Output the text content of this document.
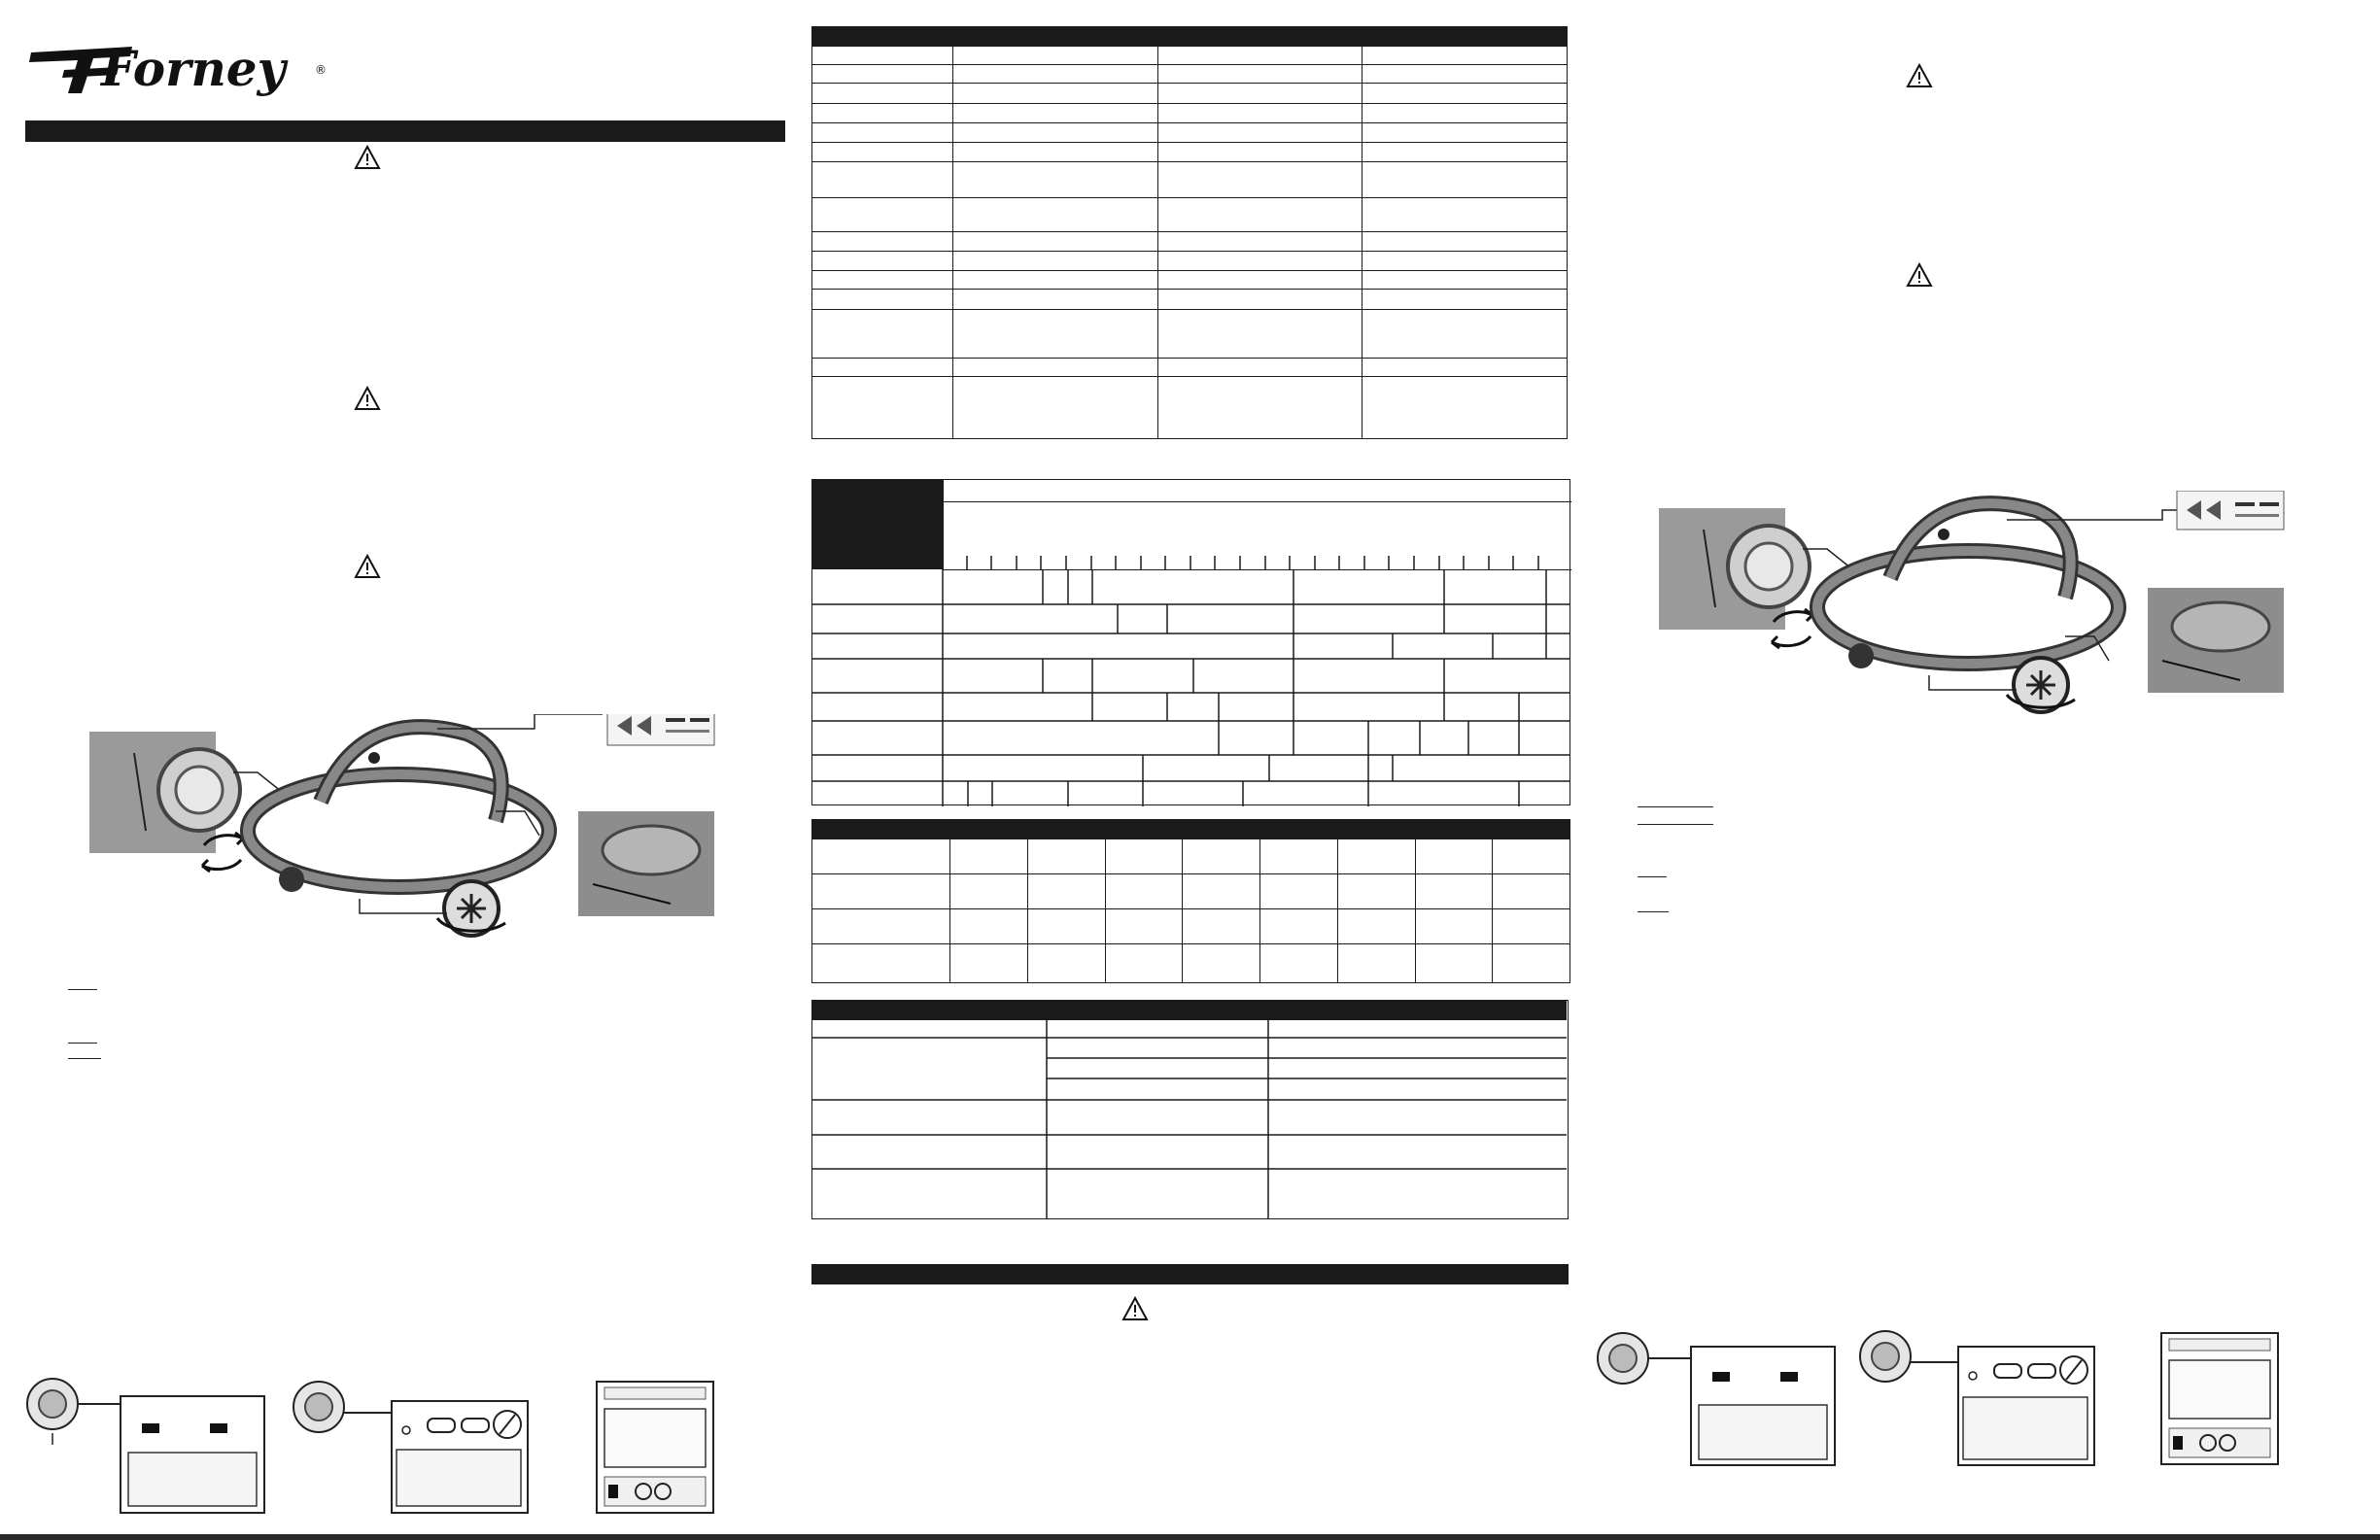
Forney	®
